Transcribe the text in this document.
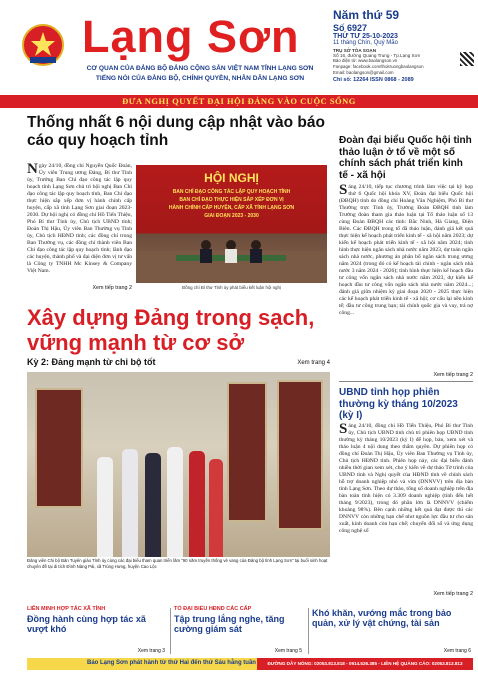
Lạng Sơn
CƠ QUAN CỦA ĐẢNG BỘ ĐẢNG CỘNG SẢN VIỆT NAM TỈNH LẠNG SƠN
TIẾNG NÓI CỦA ĐẢNG BỘ, CHÍNH QUYỀN, NHÂN DÂN LẠNG SƠN
Năm thứ 59
Số 6927
THỨ TƯ 25-10-2023
11 tháng Chín, Quý Mão
TRỤ SỞ TÒA SOẠN
Số 16, đường Quang Trung - Tp.Lạng Sơn
Báo điện tử: www.baolangson.vn
Fanpage: facebook.com/thoitruongbaolangson
Email: baolangson@gmail.com
Chỉ số: 12264 ISSN 0868 - 2089
ĐƯA NGHỊ QUYẾT ĐẠI HỘI ĐẢNG VÀO CUỘC SỐNG
Thống nhất 6 nội dung cập nhật vào báo cáo quy hoạch tỉnh
Ngày 24/10, đồng chí Nguyễn Quốc Đoàn, Ủy viên Trung ương Đảng, Bí thư Tỉnh ủy, Trưởng Ban Chỉ đạo công tác lập quy hoạch tỉnh Lạng Sơn chủ trì hội nghị Ban Chỉ đạo công tác lập quy hoạch tỉnh, Ban Chỉ đạo thực hiện sắp xếp đơn vị hành chính cấp huyện, cấp xã tỉnh Lạng Sơn giai đoạn 2023-2030. Dự hội nghị có đồng chí Hồ Tiến Thiệu, Phó Bí thư Tỉnh ủy, Chủ tịch UBND tỉnh; Đoàn Thị Hậu, Ủy viên Ban Thường vụ Tỉnh ủy, Chủ tịch HĐND tỉnh; các đồng chí trong Ban Thường vụ, các đồng chí thành viên Ban Chỉ đạo công tác lập quy hoạch tỉnh; lãnh đạo các huyện, thành phố và đại diện đơn vị tư vấn là Công ty TNHH Mc Kinsey & Company Việt Nam.
Xem tiếp trang 2
HỘI NGHỊ
BAN CHỈ ĐẠO CÔNG TÁC LẬP QUY HOẠCH TỈNH
BAN CHỈ ĐẠO THỰC HIỆN SẮP XẾP ĐƠN VỊ
HÀNH CHÍNH CẤP HUYỆN, CẤP XÃ TỈNH LẠNG SƠN
GIAI ĐOẠN 2023 - 2030
Đồng chí Bí thư Tỉnh ủy phát biểu kết luận hội nghị
Xây dựng Đảng trong sạch, vững mạnh từ cơ sở
Kỳ 2: Đảng mạnh từ chi bộ tốt	Xem trang 4
Đảng viên Chi bộ Bản Tuyên giáo Tỉnh ủy cùng các đại biểu tham quan triển lãm "90 năm truyền thống vẻ vang của Đảng bộ tỉnh Lạng Sơn" tại buổi sinh hoạt chuyên đề tại di tích Đình Nàng Pái, xã Trùng Hưng, huyện Cao Lộc
Đoàn đại biểu Quốc hội tỉnh thảo luận ở tổ về một số chính sách phát triển kinh tế - xã hội
Sáng 24/10, tiếp tục chương trình làm việc tại kỳ họp thứ 6 Quốc hội khóa XV, Đoàn đại biểu Quốc hội (ĐBQH) tỉnh do đồng chí Hoàng Văn Nghiệm, Phó Bí thư Thường trực Tỉnh ủy, Trưởng Đoàn ĐBQH tỉnh làm Trưởng đoàn tham gia thảo luận tại Tổ thảo luận số 13 cùng Đoàn ĐBQH các tỉnh: Bắc Ninh, Hà Giang, Điện Biên. Các ĐBQH trong tổ đã thảo luận, đánh giá kết quả thực hiện kế hoạch phát triển kinh tế - xã hội năm 2023; dự kiến kế hoạch phát triển kinh tế - xã hội năm 2024; tình hình thực hiện ngân sách nhà nước năm 2023, dự toán ngân sách nhà nước, phương án phân bổ ngân sách trung ương năm 2024 (trong đó có kế hoạch tài chính - ngân sách nhà nước 3 năm 2024 - 2026); tình hình thực hiện kế hoạch đầu tư công vốn ngân sách nhà nước năm 2023, dự kiến kế hoạch đầu tư công vốn ngân sách nhà nước năm 2024...; đánh giá giữa nhiệm kỳ giai đoạn 2020 - 2025 thực hiện các kế hoạch phát triển kinh tế - xã hội; cơ cấu lại nền kinh tế; đầu tư công trung hạn; tài chính quốc gia và vay, trả nợ công...
Xem tiếp trang 2
UBND tỉnh họp phiên thường kỳ tháng 10/2023 (kỳ I)
Sáng 24/10, đồng chí Hồ Tiến Thiệu, Phó Bí thư Tỉnh ủy, Chủ tịch UBND tỉnh chủ trì phiên họp UBND tỉnh thường kỳ tháng 10/2023 (kỳ I) để họp, bàn, xem xét và thảo luận 4 nội dung theo thẩm quyền. Dự phiên họp có đồng chí Đoàn Thị Hậu, Ủy viên Ban Thường vụ Tỉnh ủy, Chủ tịch HĐND tỉnh. Phiên họp này, các đại biểu đánh nhiều thời gian xem xét, cho ý kiến về dự thảo Tờ trình của UBND tỉnh và Nghị quyết của HĐND tỉnh về chính sách hỗ trợ doanh nghiệp nhỏ và vừa (DNNVV) trên địa bàn tỉnh Lạng Sơn. Theo dự thảo, tổng số doanh nghiệp trên địa bàn toàn tỉnh hiện có 3.309 doanh nghiệp (tính đến hết tháng 9/2023), trong đó phần lớn là DNNVV (chiếm khoảng 98%). Bên cạnh những kết quả đạt được thì các DNNVV còn những hạn chế như nguồn lực đầu tư cho sản xuất, kinh doanh còn hạn chế; chuyển đổi số và ứng dụng công nghệ số
Xem tiếp trang 2
LIÊN MINH HỢP TÁC XÃ TỈNH
Đồng hành cùng hợp tác xã vượt khó
Xem trang 3
TỔ ĐẠI BIỂU HĐND CÁC CẤP
Tập trung lắng nghe, tăng cường giám sát
Xem trang 5
Khó khăn, vướng mắc trong bảo quản, xử lý vật chứng, tài sản
Xem trang 6
Báo Lạng Sơn phát hành từ thứ Hai đến thứ Sáu hằng tuần	ĐƯỜNG DÂY NÓNG: 02053.813.818 - 0914.526.385 - LIÊN HỆ QUẢNG CÁO: 02053.813.813
